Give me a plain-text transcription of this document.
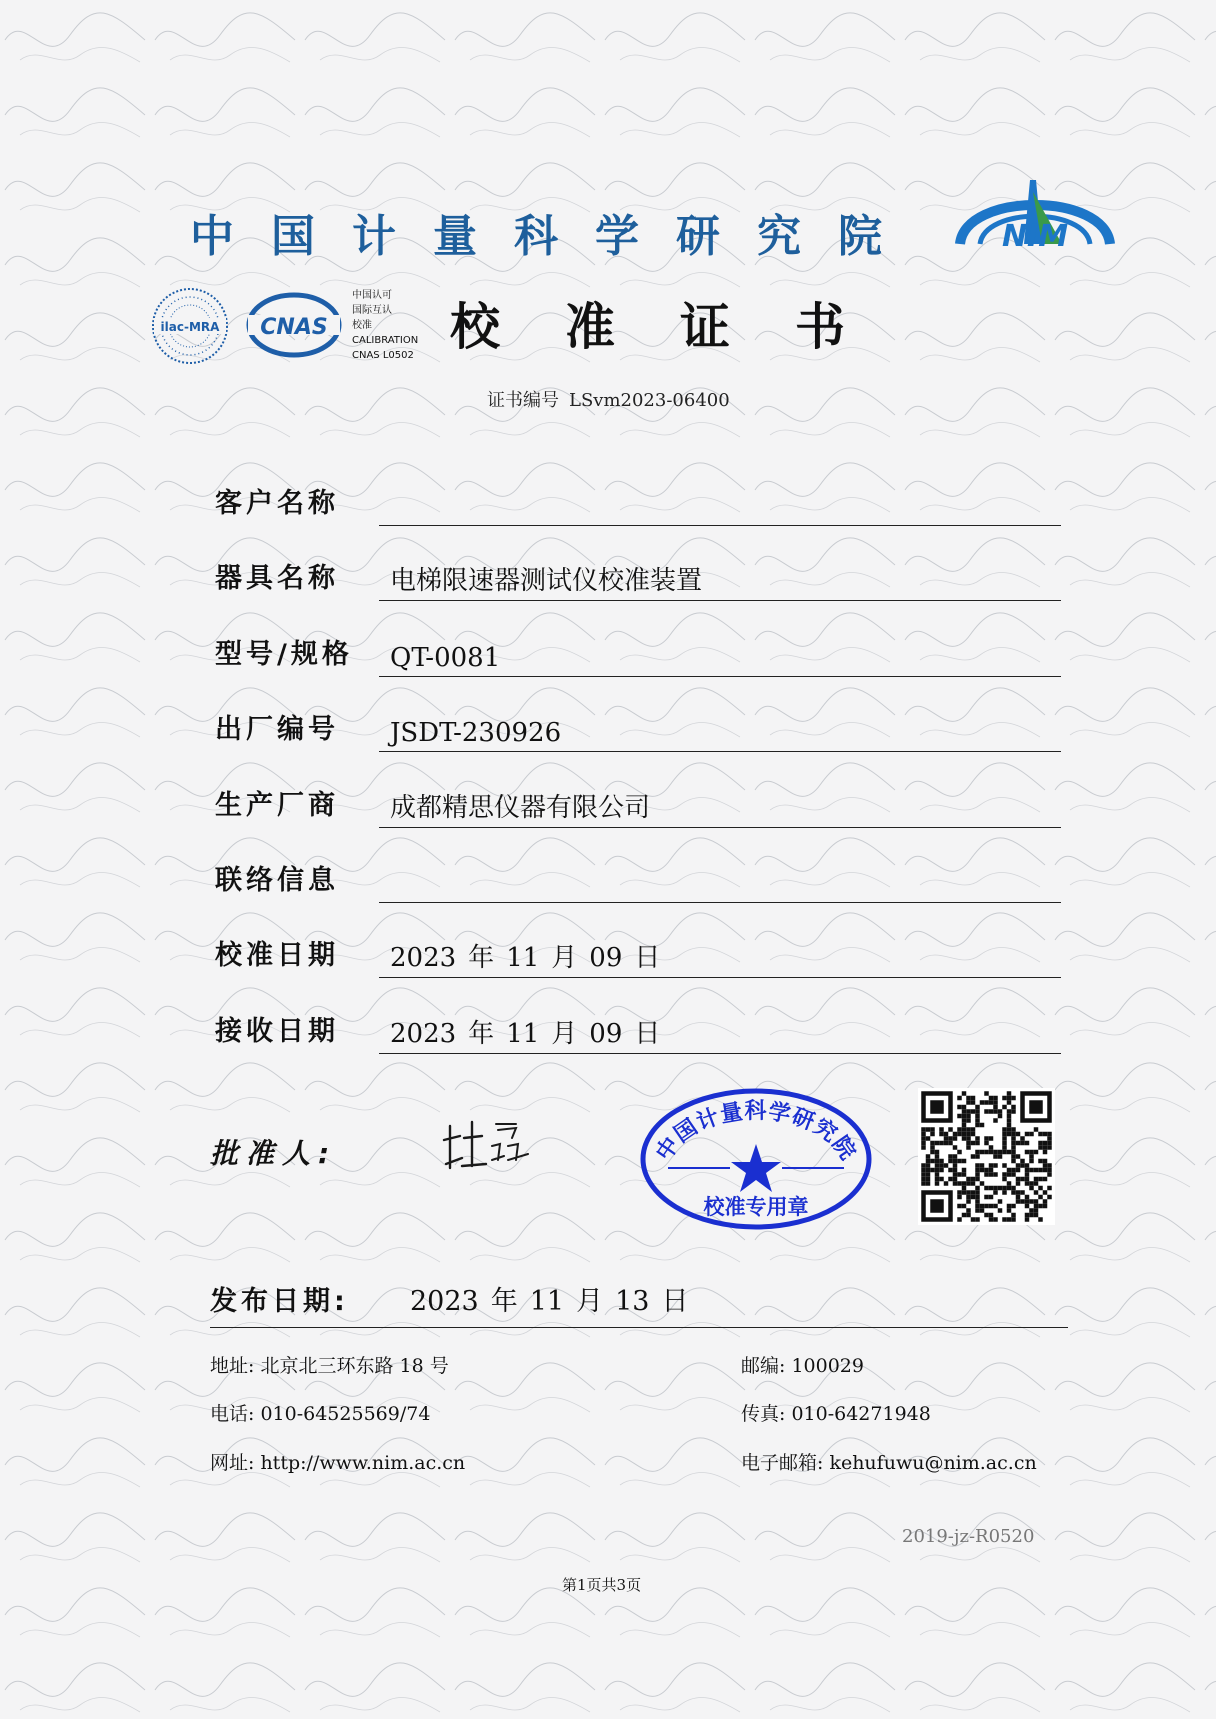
中国计量科学研究院	NIM
ilac-MRA CNAS
中国认可
国际互认
校准
CALIBRATION
CNAS L0502 校准证书
证书编号 LSvm2023-06400
客户名称
器具名称 电梯限速器测试仪校准装置
型号/规格 QT-0081
出厂编号 JSDT-230926
生产厂商 成都精思仪器有限公司
联络信息
校准日期 2023 年 11 月 09 日
接收日期 2023 年 11 月 09 日
批准人:	中国计量科学研究院
校准专用章
发布日期: 2023 年 11 月 13 日
地址: 北京北三环东路 18 号	邮编: 100029
电话: 010-64525569/74	传真: 010-64271948
网址: http://www.nim.ac.cn	电子邮箱: kehufuwu@nim.ac.cn
2019-jz-R0520
第1页共3页
